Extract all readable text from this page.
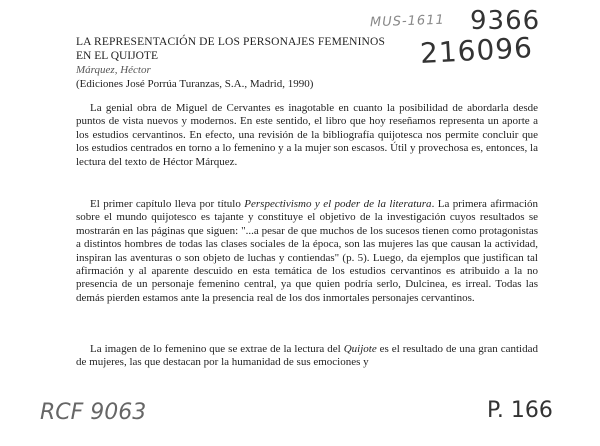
MUS-1611 9366
216096
RCF 9063	P. 166
LA REPRESENTACIÓN DE LOS PERSONAJES FEMENINOS
EN EL QUIJOTE
Márquez, Héctor
(Ediciones José Porrúa Turanzas, S.A., Madrid, 1990)

La genial obra de Miguel de Cervantes es inagotable en cuanto la posibilidad de abordarla desde puntos de vista nuevos y modernos. En este sentido, el libro que hoy reseñamos representa un aporte a los estudios cervantinos. En efecto, una revisión de la bibliografía quijotesca nos permite concluir que los estudios centrados en torno a lo femenino y a la mujer son escasos. Útil y provechosa es, entonces, la lectura del texto de Héctor Márquez.

El primer capítulo lleva por título Perspectivismo y el poder de la literatura. La primera afirmación sobre el mundo quijotesco es tajante y constituye el objetivo de la investigación cuyos resultados se mostrarán en las páginas que siguen: "...a pesar de que muchos de los sucesos tienen como protagonistas a distintos hombres de todas las clases sociales de la época, son las mujeres las que causan la actividad, inspiran las aventuras o son objeto de luchas y contiendas" (p. 5). Luego, da ejemplos que justifican tal afirmación y al aparente descuido en esta temática de los estudios cervantinos es atribuido a la no presencia de un personaje femenino central, ya que quien podría serlo, Dulcinea, es irreal. Todas las demás pierden estamos ante la presencia real de los dos inmortales personajes cervantinos.

La imagen de lo femenino que se extrae de la lectura del Quijote es el resultado de una gran cantidad de mujeres, las que destacan por la humanidad de sus emociones y
